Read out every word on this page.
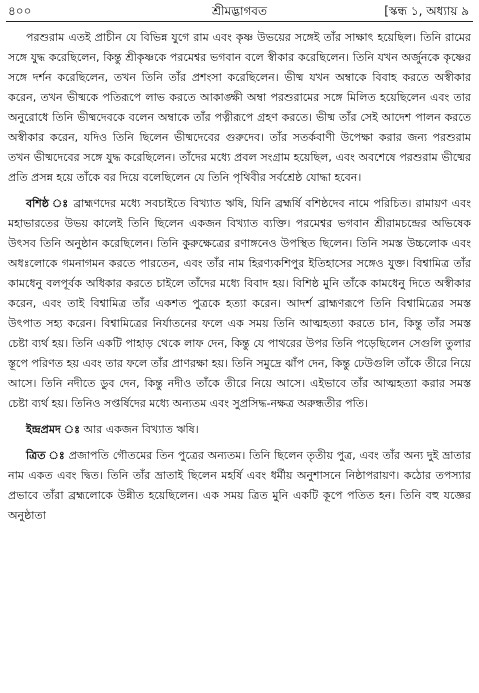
শ্রীমদ্ভাগবত
৪০০	[স্কন্ধ ১, অধ্যায় ৯

পরশুরাম এতই প্রাচীন যে বিভিন্ন যুগে রাম এবং কৃষ্ণ উভয়ের সঙ্গেই তাঁর সাক্ষাৎ হয়েছিল। তিনি রামের সঙ্গে যুদ্ধ করেছিলেন, কিন্তু শ্রীকৃষ্ণকে পরমেশ্বর ভগবান বলে স্বীকার করেছিলেন। তিনি যখন অর্জুনকে কৃষ্ণের সঙ্গে দর্শন করেছিলেন, তখন তিনি তাঁর প্রশংসা করেছিলেন। ভীষ্ম যখন অম্বাকে বিবাহ করতে অস্বীকার করেন, তখন ভীষ্মকে পতিরূপে লাভ করতে আকাঙ্ক্ষী অম্বা পরশুরামের সঙ্গে মিলিত হয়েছিলেন এবং তার অনুরোধে তিনি ভীষ্মদেবকে বলেন অম্বাকে তাঁর পত্নীরূপে গ্রহণ করতে। ভীষ্ম তাঁর সেই আদেশ পালন করতে অস্বীকার করেন, যদিও তিনি ছিলেন ভীষ্মদেবের গুরুদেব। তাঁর সতর্কবাণী উপেক্ষা করার জন্য পরশুরাম তখন ভীষ্মদেবের সঙ্গে যুদ্ধ করেছিলেন। তাঁদের মধ্যে প্রবল সংগ্রাম হয়েছিল, এবং অবশেষে পরশুরাম ভীষ্মের প্রতি প্রসন্ন হয়ে তাঁকে বর দিয়ে বলেছিলেন যে তিনি পৃথিবীর সর্বশ্রেষ্ঠ যোদ্ধা হবেন।

বশিষ্ঠ ঃ ব্রাহ্মণদের মধ্যে সবচাইতে বিখ্যাত ঋষি, যিনি ব্রহ্মর্ষি বশিষ্ঠদেব নামে পরিচিত। রামায়ণ এবং মহাভারতের উভয় কালেই তিনি ছিলেন একজন বিখ্যাত ব্যক্তি। পরমেশ্বর ভগবান শ্রীরামচন্দ্রের অভিষেক উৎসব তিনি অনুষ্ঠান করেছিলেন। তিনি কুরুক্ষেত্রের রণাঙ্গনেও উপস্থিত ছিলেন। তিনি সমস্ত উচ্চলোক এবং অধঃলোকে গমনাগমন করতে পারতেন, এবং তাঁর নাম হিরণ্যকশিপুর ইতিহাসের সঙ্গেও যুক্ত। বিশ্বামিত্র তাঁর কামধেনু বলপূর্বক অধিকার করতে চাইলে তাঁদের মধ্যে বিবাদ হয়। বিশিষ্ঠ মুনি তাঁকে কামধেনু দিতে অস্বীকার করেন, এবং তাই বিশ্বামিত্র তাঁর একশত পুত্রকে হত্যা করেন। আদর্শ ব্রাহ্মণরূপে তিনি বিশ্বামিত্রের সমস্ত উৎপাত সহ্য করেন। বিশ্বামিত্রের নির্যাতনের ফলে এক সময় তিনি আত্মহত্যা করতে চান, কিন্তু তাঁর সমস্ত চেষ্টা ব্যর্থ হয়। তিনি একটি পাহাড় থেকে লাফ দেন, কিন্তু যে পাথরের উপর তিনি পড়েছিলেন সেগুলি তুলার স্তূপে পরিণত হয় এবং তার ফলে তাঁর প্রাণরক্ষা হয়। তিনি সমুদ্রে ঝাঁপ দেন, কিন্তু ঢেউগুলি তাঁকে তীরে নিয়ে আসে। তিনি নদীতে ডুব দেন, কিন্তু নদীও তাঁকে তীরে নিয়ে আসে। এইভাবে তাঁর আত্মহত্যা করার সমস্ত চেষ্টা ব্যর্থ হয়। তিনিও সপ্তর্ষিদের মধ্যে অন্যতম এবং সুপ্রসিদ্ধ-নক্ষত্র অরুন্ধতীর পতি।

ইন্দ্রপ্রমদ ঃ আর একজন বিখ্যাত ঋষি।

ত্রিত ঃ প্রজাপতি গৌতমের তিন পুত্রের অন্যতম। তিনি ছিলেন তৃতীয় পুত্র, এবং তাঁর অন্য দুই ভ্রাতার নাম একত এবং দ্বিত। তিনি তাঁর ভ্রাতাই ছিলেন মহর্ষি এবং ধর্মীয় অনুশাসনে নিষ্ঠাপরায়ণ। কঠোর তপস্যার প্রভাবে তাঁরা ব্রহ্মলোকে উন্নীত হয়েছিলেন। এক সময় ত্রিত মুনি একটি কূপে পতিত হন। তিনি বহু যজ্ঞের অনুষ্ঠাতা
